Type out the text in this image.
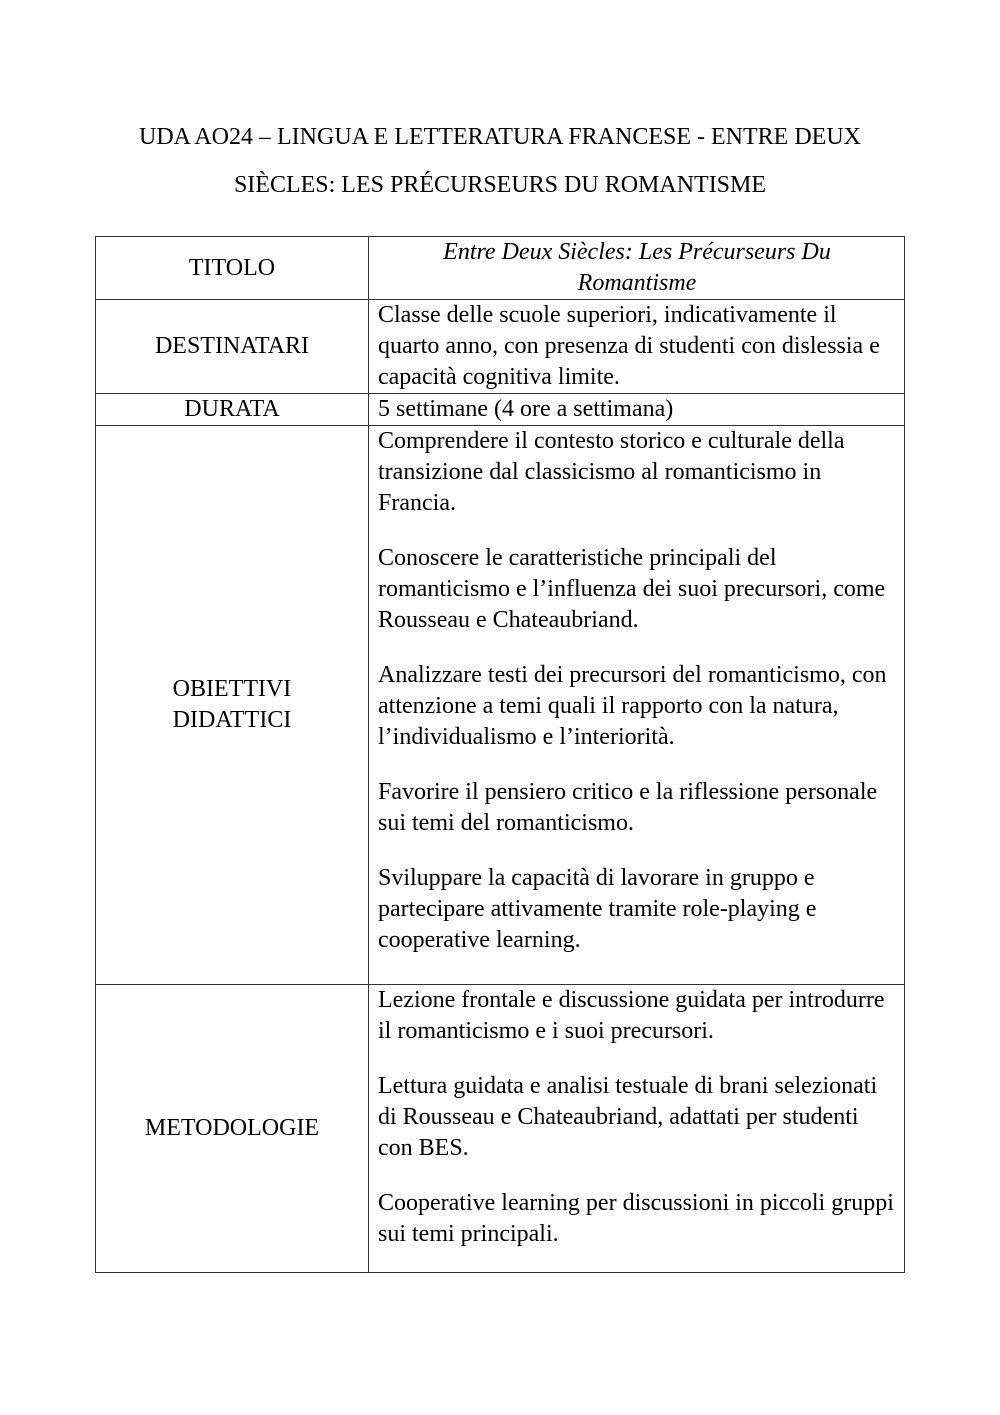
UDA AO24 – LINGUA E LETTERATURA FRANCESE - ENTRE DEUX
SIÈCLES: LES PRÉCURSEURS DU ROMANTISME
TITOLO	Entre Deux Siècles: Les Précurseurs Du
Romantisme

DESTINATARI	Classe delle scuole superiori, indicativamente il quarto anno, con presenza di studenti con dislessia e capacità cognitiva limite.
DURATA	5 settimane (4 ore a settimana)

OBIETTIVI
DIDATTICI	Comprendere il contesto storico e culturale della transizione dal classicismo al romanticismo in Francia.
Conoscere le caratteristiche principali del romanticismo e l’influenza dei suoi precursori, come Rousseau e Chateaubriand.
Analizzare testi dei precursori del romanticismo, con attenzione a temi quali il rapporto con la natura, l’individualismo e l’interiorità.
Favorire il pensiero critico e la riflessione personale sui temi del romanticismo.
Sviluppare la capacità di lavorare in gruppo e partecipare attivamente tramite role-playing e cooperative learning.

METODOLOGIE	Lezione frontale e discussione guidata per introdurre il romanticismo e i suoi precursori.
Lettura guidata e analisi testuale di brani selezionati di Rousseau e Chateaubriand, adattati per studenti con BES.
Cooperative learning per discussioni in piccoli gruppi sui temi principali.
